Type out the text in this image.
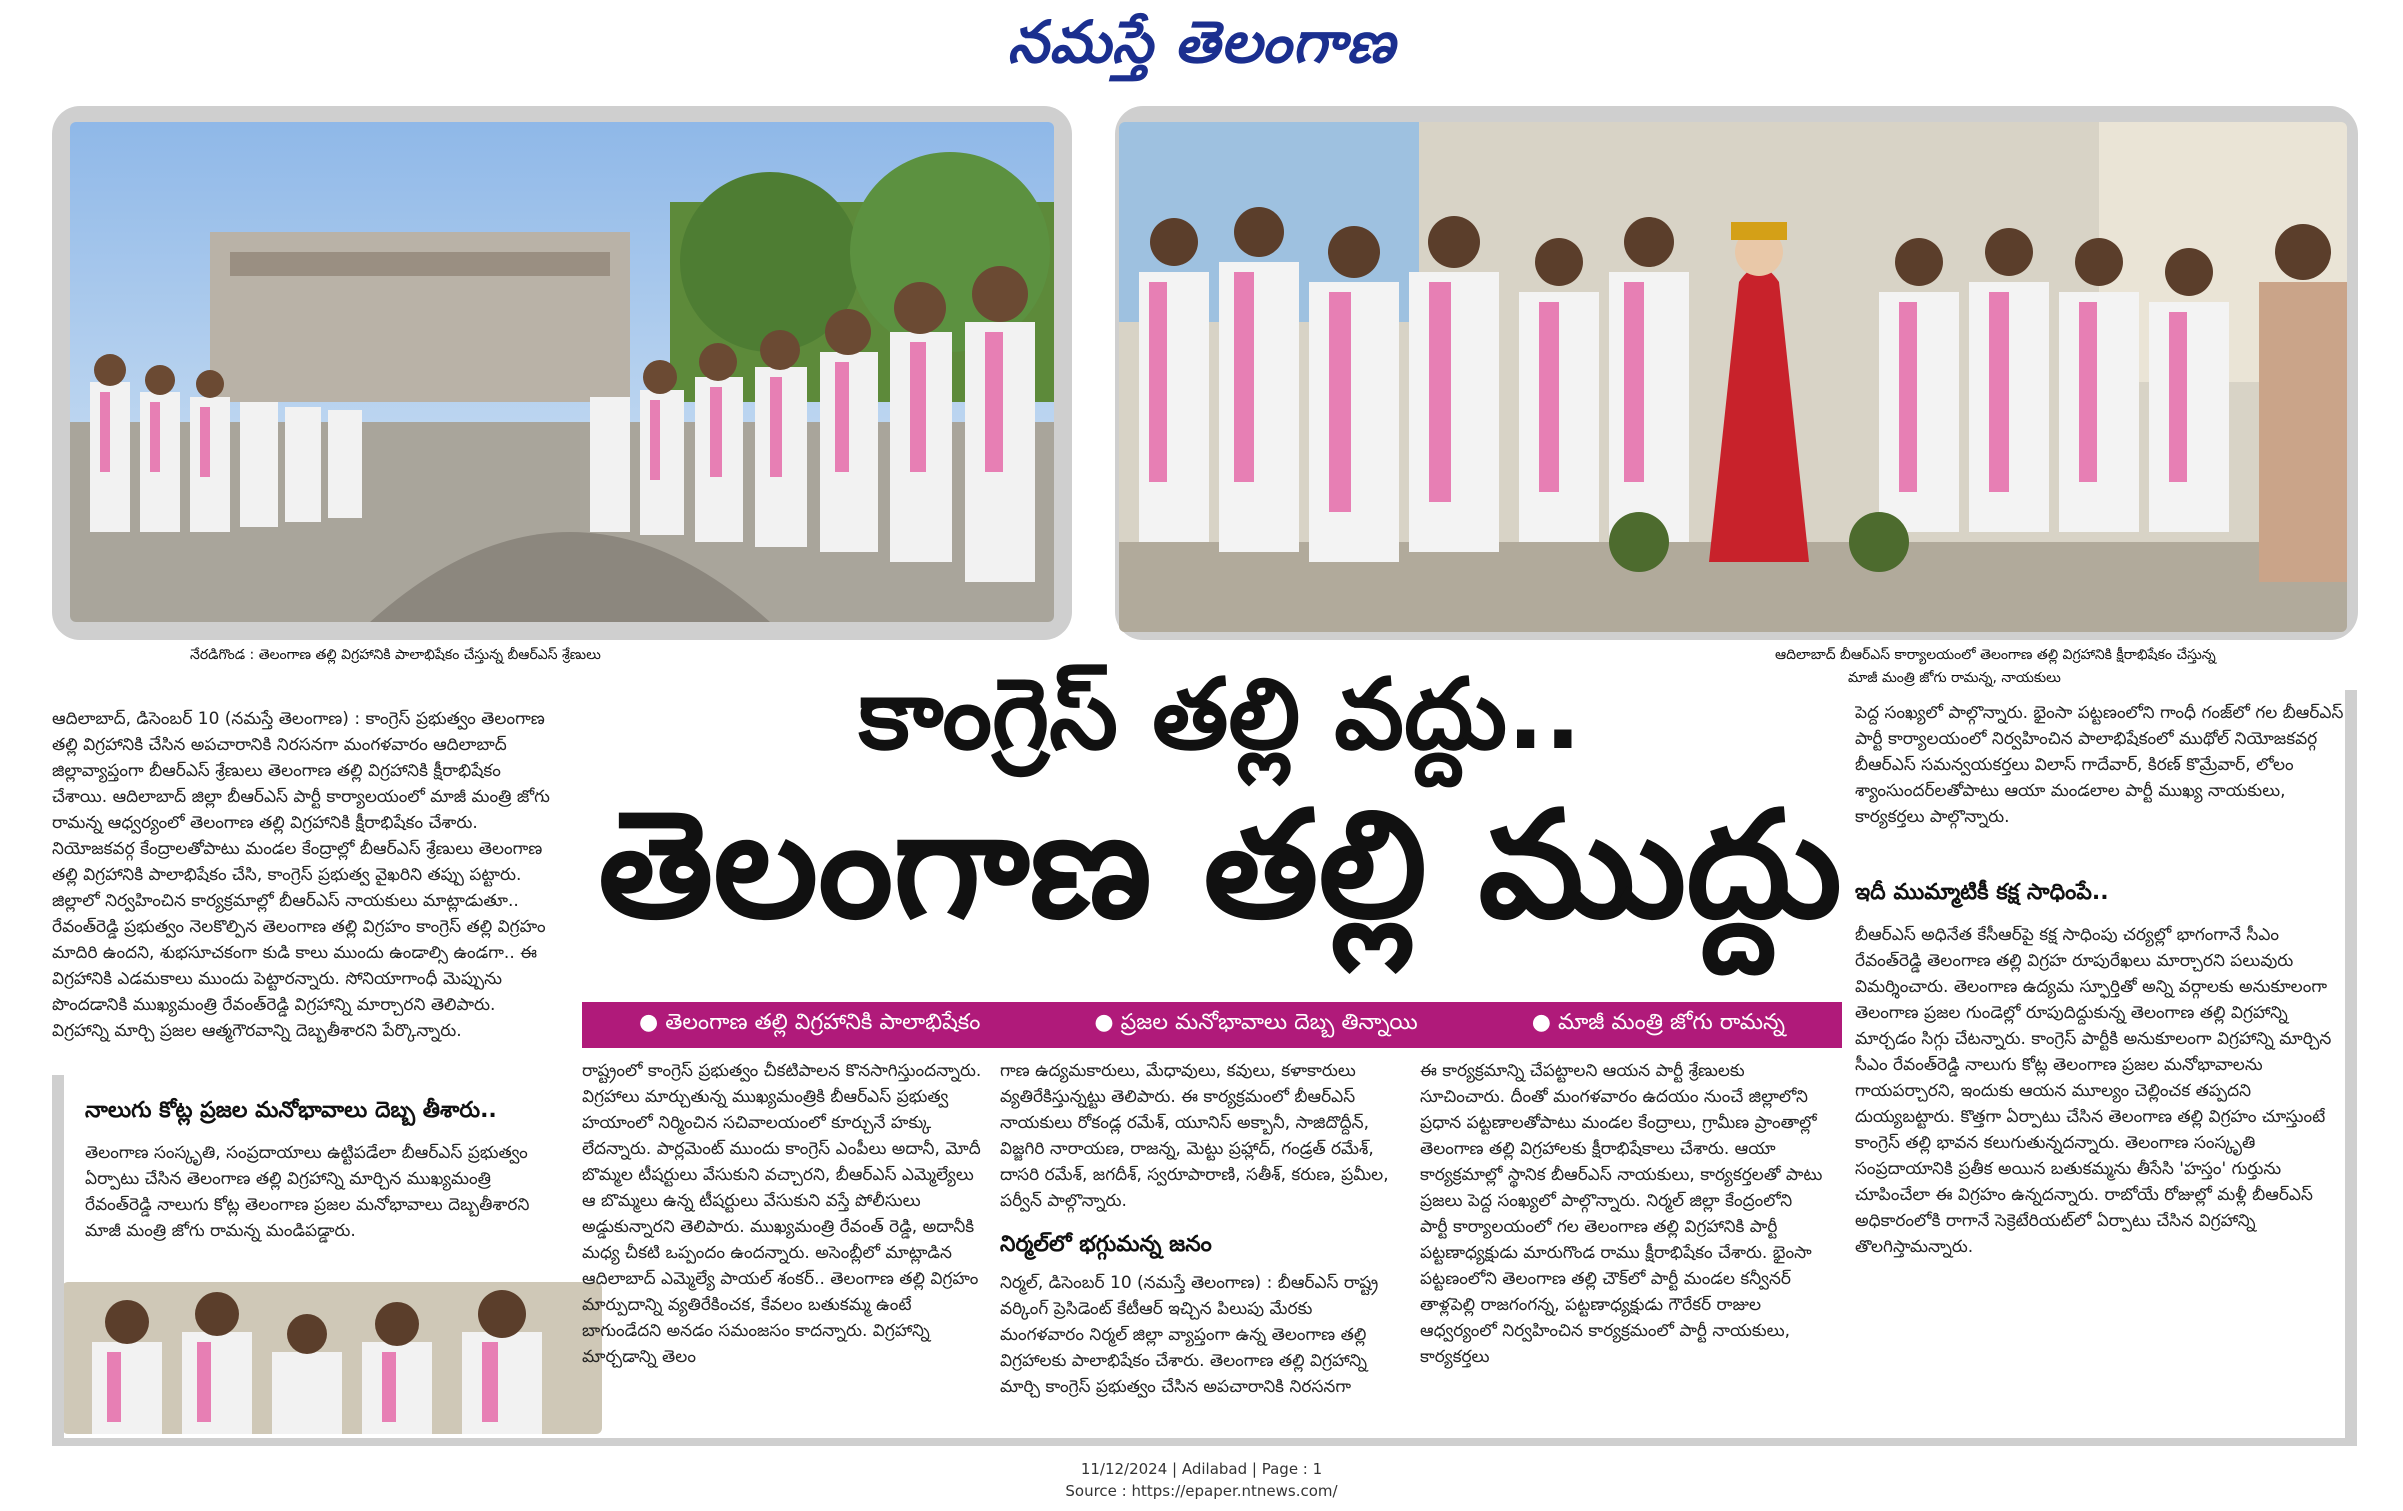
నమస్తే తెలంగాణ
నేరడిగొండ : తెలంగాణ తల్లి విగ్రహానికి పాలాభిషేకం చేస్తున్న బీఆర్ఎస్ శ్రేణులు	ఆదిలాబాద్ బీఆర్ఎస్ కార్యాలయంలో తెలంగాణ తల్లి విగ్రహానికి క్షీరాభిషేకం చేస్తున్న
మాజీ మంత్రి జోగు రామన్న, నాయకులు
కాంగ్రెస్ తల్లి వద్దు..
తెలంగాణ తల్లి ముద్దు
● తెలంగాణ తల్లి విగ్రహానికి పాలాభిషేకం	● ప్రజల మనోభావాలు దెబ్బ తిన్నాయి	● మాజీ మంత్రి జోగు రామన్న

ఆదిలాబాద్, డిసెంబర్ 10 (నమస్తే తెలంగాణ) : కాంగ్రెస్ ప్రభుత్వం తెలంగాణ తల్లి విగ్రహానికి చేసిన అపచారానికి నిరసనగా మంగళవారం ఆదిలాబాద్ జిల్లావ్యాప్తంగా బీఆర్ఎస్ శ్రేణులు తెలంగాణ తల్లి విగ్రహానికి క్షీరాభిషేకం చేశాయి. ఆదిలాబాద్ జిల్లా బీఆర్ఎస్ పార్టీ కార్యాలయంలో మాజీ మంత్రి జోగు రామన్న ఆధ్వర్యంలో తెలంగాణ తల్లి విగ్రహానికి క్షీరాభిషేకం చేశారు. నియోజకవర్గ కేంద్రాలతోపాటు మండల కేంద్రాల్లో బీఆర్ఎస్ శ్రేణులు తెలంగాణ తల్లి విగ్రహానికి పాలాభిషేకం చేసి, కాంగ్రెస్ ప్రభుత్వ వైఖరిని తప్పు పట్టారు. జిల్లాలో నిర్వహించిన కార్యక్రమాల్లో బీఆర్ఎస్ నాయకులు మాట్లాడుతూ.. రేవంత్‌రెడ్డి ప్రభుత్వం నెలకొల్పిన తెలంగాణ తల్లి విగ్రహం కాంగ్రెస్ తల్లి విగ్రహం మాదిరి ఉందని, శుభసూచకంగా కుడి కాలు ముందు ఉండాల్సి ఉండగా.. ఈ విగ్రహానికి ఎడమకాలు ముందు పెట్టారన్నారు. సోనియాగాంధీ మెప్పును పొందడానికి ముఖ్యమంత్రి రేవంత్‌రెడ్డి విగ్రహాన్ని మార్చారని తెలిపారు. విగ్రహాన్ని మార్చి ప్రజల ఆత్మగౌరవాన్ని దెబ్బతీశారని పేర్కొన్నారు.

నాలుగు కోట్ల ప్రజల మనోభావాలు దెబ్బ తీశారు..

తెలంగాణ సంస్కృతి, సంప్రదాయాలు ఉట్టిపడేలా బీఆర్ఎస్ ప్రభుత్వం ఏర్పాటు చేసిన తెలంగాణ తల్లి విగ్రహాన్ని మార్చిన ముఖ్యమంత్రి రేవంత్‌రెడ్డి నాలుగు కోట్ల తెలంగాణ ప్రజల మనోభావాలు దెబ్బతీశారని మాజీ మంత్రి జోగు రామన్న మండిపడ్డారు.

రాష్ట్రంలో కాంగ్రెస్ ప్రభుత్వం చీకటిపాలన కొనసాగిస్తుందన్నారు. విగ్రహాలు మార్చుతున్న ముఖ్యమంత్రికి బీఆర్ఎస్ ప్రభుత్వ హయాంలో నిర్మించిన సచివాలయంలో కూర్చునే హక్కు లేదన్నారు. పార్లమెంట్ ముందు కాంగ్రెస్ ఎంపీలు అదానీ, మోదీ బొమ్మల టీషర్టులు వేసుకుని వచ్చారని, బీఆర్ఎస్ ఎమ్మెల్యేలు ఆ బొమ్మలు ఉన్న టీషర్టులు వేసుకుని వస్తే పోలీసులు అడ్డుకున్నారని తెలిపారు. ముఖ్యమంత్రి రేవంత్ రెడ్డి, అదానీకి మధ్య చీకటి ఒప్పందం ఉందన్నారు. అసెంబ్లీలో మాట్లాడిన ఆదిలాబాద్ ఎమ్మెల్యే పాయల్ శంకర్.. తెలంగాణ తల్లి విగ్రహం మార్పుదాన్ని వ్యతిరేకించక, కేవలం బతుకమ్మ ఉంటే బాగుండేదని అనడం సమంజసం కాదన్నారు. విగ్రహాన్ని మార్చడాన్ని తెలం

గాణ ఉద్యమకారులు, మేధావులు, కవులు, కళాకారులు వ్యతిరేకిస్తున్నట్టు తెలిపారు. ఈ కార్యక్రమంలో బీఆర్ఎస్ నాయకులు రోకండ్ల రమేశ్, యూనిస్ అక్బానీ, సాజిదొద్దీన్, విజ్జగిరి నారాయణ, రాజన్న, మెట్టు ప్రహ్లాద్, గండ్రత్ రమేశ్, దాసరి రమేశ్, జగదీశ్, స్వరూపారాణి, సతీశ్, కరుణ, ప్రమీల, పర్వీన్ పాల్గొన్నారు.

నిర్మల్‌లో భగ్గుమన్న జనం

నిర్మల్, డిసెంబర్ 10 (నమస్తే తెలంగాణ) : బీఆర్ఎస్ రాష్ట్ర వర్కింగ్ ప్రెసిడెంట్ కేటీఆర్ ఇచ్చిన పిలుపు మేరకు మంగళవారం నిర్మల్ జిల్లా వ్యాప్తంగా ఉన్న తెలంగాణ తల్లి విగ్రహాలకు పాలాభిషేకం చేశారు. తెలంగాణ తల్లి విగ్రహాన్ని మార్చి కాంగ్రెస్ ప్రభుత్వం చేసిన అపచారానికి నిరసనగా

ఈ కార్యక్రమాన్ని చేపట్టాలని ఆయన పార్టీ శ్రేణులకు సూచించారు. దీంతో మంగళవారం ఉదయం నుంచే జిల్లాలోని ప్రధాన పట్టణాలతోపాటు మండల కేంద్రాలు, గ్రామీణ ప్రాంతాల్లో తెలంగాణ తల్లి విగ్రహాలకు క్షీరాభిషేకాలు చేశారు. ఆయా కార్యక్రమాల్లో స్థానిక బీఆర్ఎస్ నాయకులు, కార్యకర్తలతో పాటు ప్రజలు పెద్ద సంఖ్యలో పాల్గొన్నారు. నిర్మల్ జిల్లా కేంద్రంలోని పార్టీ కార్యాలయంలో గల తెలంగాణ తల్లి విగ్రహానికి పార్టీ పట్టణాధ్యక్షుడు మారుగొండ రాము క్షీరాభిషేకం చేశారు. భైంసా పట్టణంలోని తెలంగాణ తల్లి చౌక్‌లో పార్టీ మండల కన్వీనర్ తాళ్లపెల్లి రాజగంగన్న, పట్టణాధ్యక్షుడు గౌరేకర్ రాజుల ఆధ్వర్యంలో నిర్వహించిన కార్యక్రమంలో పార్టీ నాయకులు, కార్యకర్తలు

పెద్ద సంఖ్యలో పాల్గొన్నారు. భైంసా పట్టణంలోని గాంధీ గంజ్‌లో గల బీఆర్ఎస్ పార్టీ కార్యాలయంలో నిర్వహించిన పాలాభిషేకంలో ముథోల్ నియోజకవర్గ బీఆర్ఎస్ సమన్వయకర్తలు విలాస్ గాదేవార్, కిరణ్ కొమ్రేవార్, లోలం శ్యాంసుందర్‌లతోపాటు ఆయా మండలాల పార్టీ ముఖ్య నాయకులు, కార్యకర్తలు పాల్గొన్నారు.

ఇదీ ముమ్మాటికీ కక్ష సాధింపే..

బీఆర్ఎస్ అధినేత కేసీఆర్‌పై కక్ష సాధింపు చర్యల్లో భాగంగానే సీఎం రేవంత్‌రెడ్డి తెలంగాణ తల్లి విగ్రహ రూపురేఖలు మార్చారని పలువురు విమర్శించారు. తెలంగాణ ఉద్యమ స్ఫూర్తితో అన్ని వర్గాలకు అనుకూలంగా తెలంగాణ ప్రజల గుండెల్లో రూపుదిద్దుకున్న తెలంగాణ తల్లి విగ్రహాన్ని మార్చడం సిగ్గు చేటన్నారు. కాంగ్రెస్ పార్టీకి అనుకూలంగా విగ్రహాన్ని మార్చిన సీఎం రేవంత్‌రెడ్డి నాలుగు కోట్ల తెలంగాణ ప్రజల మనోభావాలను గాయపర్చారని, ఇందుకు ఆయన మూల్యం చెల్లించక తప్పదని దుయ్యబట్టారు. కొత్తగా ఏర్పాటు చేసిన తెలంగాణ తల్లి విగ్రహం చూస్తుంటే కాంగ్రెస్ తల్లి భావన కలుగుతున్నదన్నారు. తెలంగాణ సంస్కృతి సంప్రదాయానికి ప్రతీక అయిన బతుకమ్మను తీసేసి 'హస్తం' గుర్తును చూపించేలా ఈ విగ్రహం ఉన్నదన్నారు. రాబోయే రోజుల్లో మళ్లీ బీఆర్ఎస్ అధికారంలోకి రాగానే సెక్రెటేరియట్‌లో ఏర్పాటు చేసిన విగ్రహాన్ని తొలగిస్తామన్నారు.

11/12/2024 | Adilabad | Page : 1
Source : https://epaper.ntnews.com/
